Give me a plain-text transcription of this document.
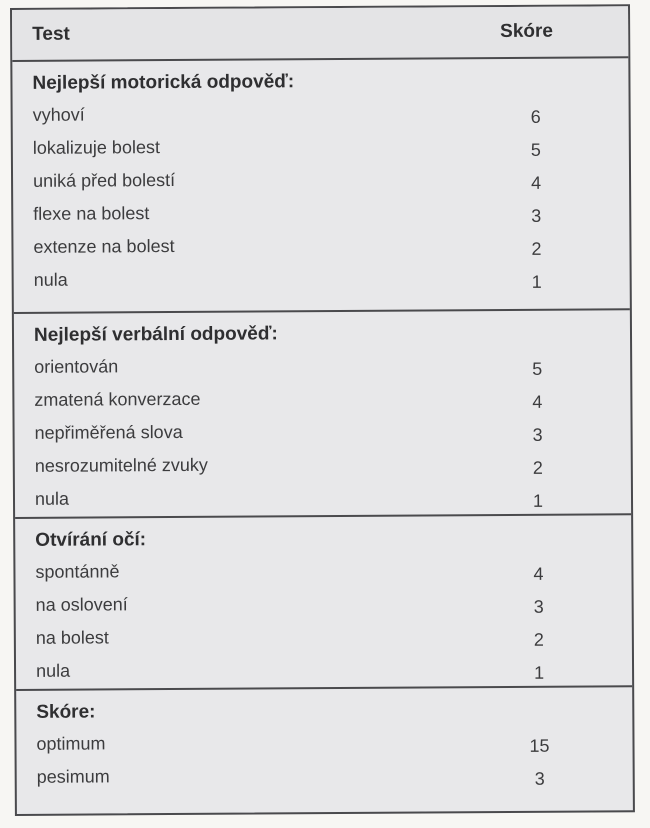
Test	Skóre
Nejlepší motorická odpověď:
vyhoví	6
lokalizuje bolest	5
uniká před bolestí	4
flexe na bolest	3
extenze na bolest	2
nula	1
Nejlepší verbální odpověď:
orientován	5
zmatená konverzace	4
nepřiměřená slova	3
nesrozumitelné zvuky	2
nula	1
Otvírání očí:
spontánně	4
na oslovení	3
na bolest	2
nula	1
Skóre:
optimum	15
pesimum	3
